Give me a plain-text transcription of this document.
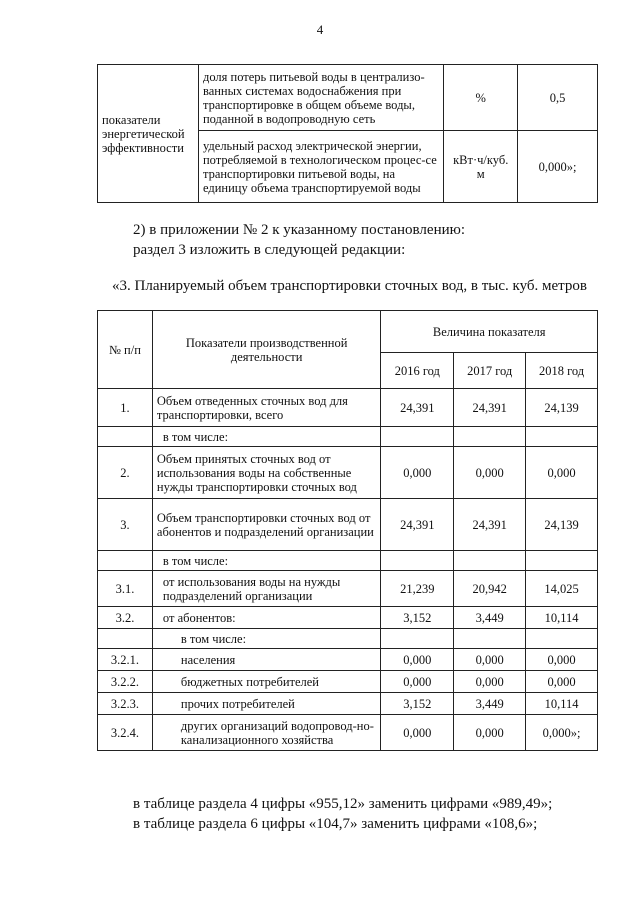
4
показатели энергетической эффективности	доля потерь питьевой воды в централизо-ванных системах водоснабжения при транспортировке в общем объеме воды, поданной в водопроводную сеть	%	0,5
	удельный расход электрической энергии, потребляемой в технологическом процес-се транспортировки питьевой воды, на единицу объема транспортируемой воды	кВт·ч/куб. м	0,000»;
2) в приложении № 2 к указанному постановлению:
раздел 3 изложить в следующей редакции:
«3. Планируемый объем транспортировки сточных вод, в тыс. куб. метров
№ п/п	Показатели производственной деятельности	Величина показателя		
		2016 год	2017 год	2018 год
1.	Объем отведенных сточных вод для транспортировки, всего	24,391	24,391	24,139
	в том числе:			
2.	Объем принятых сточных вод от использования воды на собственные нужды транспортировки сточных вод	0,000	0,000	0,000
3.	Объем транспортировки сточных вод от абонентов и подразделений организации	24,391	24,391	24,139
	в том числе:			
3.1.	от использования воды на нужды подразделений организации	21,239	20,942	14,025
3.2.	от абонентов:	3,152	3,449	10,114
	в том числе:			
3.2.1.	населения	0,000	0,000	0,000
3.2.2.	бюджетных потребителей	0,000	0,000	0,000
3.2.3.	прочих потребителей	3,152	3,449	10,114
3.2.4.	других организаций водопровод-но-канализационного хозяйства	0,000	0,000	0,000»;
в таблице раздела 4 цифры «955,12» заменить цифрами «989,49»;
в таблице раздела 6 цифры «104,7» заменить цифрами «108,6»;
